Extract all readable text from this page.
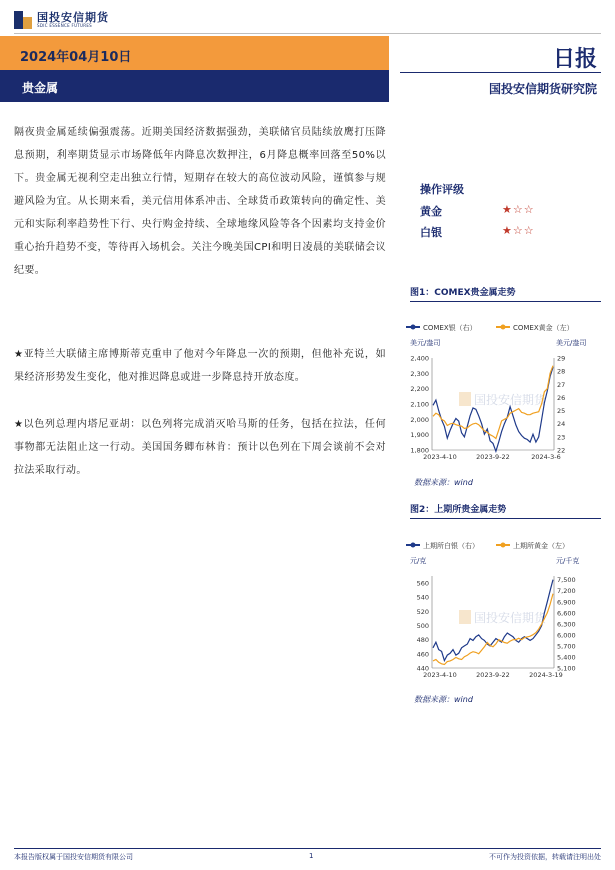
国投安信期货
SDIC ESSENCE FUTURES
2024年04月10日
贵金属
日报
国投安信期货研究院
隔夜贵金属延续偏强震荡。近期美国经济数据强劲，美联储官员陆续放鹰打压降息预期，利率期货显示市场降低年内降息次数押注，6月降息概率回落至50%以下。贵金属无视利空走出独立行情，短期存在较大的高位波动风险，谨慎参与规避风险为宜。从长期来看，美元信用体系冲击、全球货币政策转向的确定性、美元和实际利率趋势性下行、央行购金持续、全球地缘风险等各个因素均支持金价重心抬升趋势不变，等待再入场机会。关注今晚美国CPI和明日凌晨的美联储会议纪要。
★亚特兰大联储主席博斯蒂克重申了他对今年降息一次的预期，但他补充说，如果经济形势发生变化，他对推迟降息或进一步降息持开放态度。
★以色列总理内塔尼亚胡：以色列将完成消灭哈马斯的任务，包括在拉法，任何事物都无法阻止这一行动。美国国务卿布林肯：预计以色列在下周会谈前不会对拉法采取行动。
操作评级
黄金	★☆☆
白银	★☆☆
图1：COMEX贵金属走势
COMEX银（右）	COMEX黄金（左）
美元/盎司	美元/盎司
国投安信期货
1,800
1,900
2,000
2,100
2,200
2,300
2,400
22
23
24
25
26
27
28
29
2023-4-10	2023-9-22	2024-3-6
数据来源：wind
图2：上期所贵金属走势
上期所白银（右）	上期所黄金（左）
元/克	元/千克
国投安信期货
440
460
480
500
520
540
560
5,100
5,400
5,700
6,000
6,300
6,600
6,900
7,200
7,500
2023-4-10	2023-9-22	2024-3-19
数据来源：wind
本报告版权属于国投安信期货有限公司	1	不可作为投资依据，转载请注明出处
